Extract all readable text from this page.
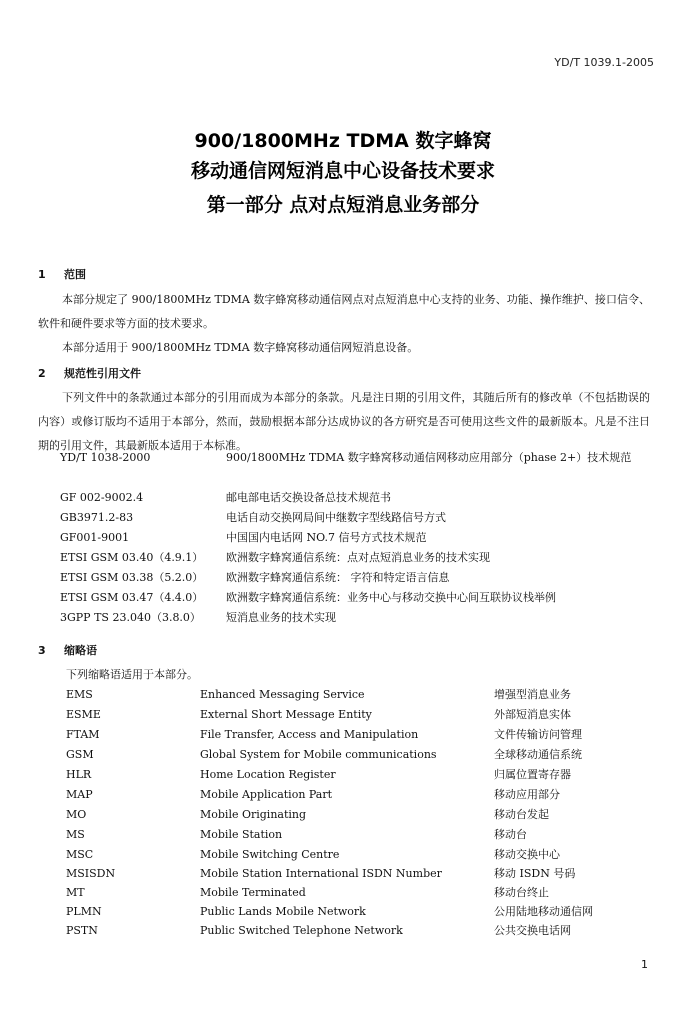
YD/T 1039.1-2005
900/1800MHz TDMA 数字蜂窝
移动通信网短消息中心设备技术要求
第一部分 点对点短消息业务部分
1 范围

本部分规定了 900/1800MHz TDMA 数字蜂窝移动通信网点对点短消息中心支持的业务、功能、操作维护、接口信令、软件和硬件要求等方面的技术要求。

本部分适用于 900/1800MHz TDMA 数字蜂窝移动通信网短消息设备。

2 规范性引用文件

下列文件中的条款通过本部分的引用而成为本部分的条款。凡是注日期的引用文件，其随后所有的修改单（不包括勘误的内容）或修订版均不适用于本部分，然而，鼓励根据本部分达成协议的各方研究是否可使用这些文件的最新版本。凡是不注日期的引用文件，其最新版本适用于本标准。

YD/T 1038-2000	900/1800MHz TDMA 数字蜂窝移动通信网移动应用部分（phase 2+）技术规范
GF 002-9002.4	邮电部电话交换设备总技术规范书
GB3971.2-83	电话自动交换网局间中继数字型线路信号方式
GF001-9001	中国国内电话网 NO.7 信号方式技术规范
ETSI GSM 03.40（4.9.1） 欧洲数字蜂窝通信系统：点对点短消息业务的技术实现
ETSI GSM 03.38（5.2.0） 欧洲数字蜂窝通信系统： 字符和特定语言信息
ETSI GSM 03.47（4.4.0） 欧洲数字蜂窝通信系统：业务中心与移动交换中心间互联协议栈举例
3GPP TS 23.040（3.8.0） 短消息业务的技术实现
3 缩略语
下列缩略语适用于本部分。
EMS	Enhanced Messaging Service	增强型消息业务
ESME	External Short Message Entity	外部短消息实体
FTAM	File Transfer, Access and Manipulation	文件传输访问管理
GSM	Global System for Mobile communications	全球移动通信系统
HLR	Home Location Register	归属位置寄存器
MAP	Mobile Application Part	移动应用部分
MO	Mobile Originating	移动台发起
MS	Mobile Station	移动台
MSC	Mobile Switching Centre	移动交换中心
MSISDN	Mobile Station International ISDN Number	移动 ISDN 号码
MT	Mobile Terminated	移动台终止
PLMN	Public Lands Mobile Network	公用陆地移动通信网
PSTN	Public Switched Telephone Network	公共交换电话网
1
